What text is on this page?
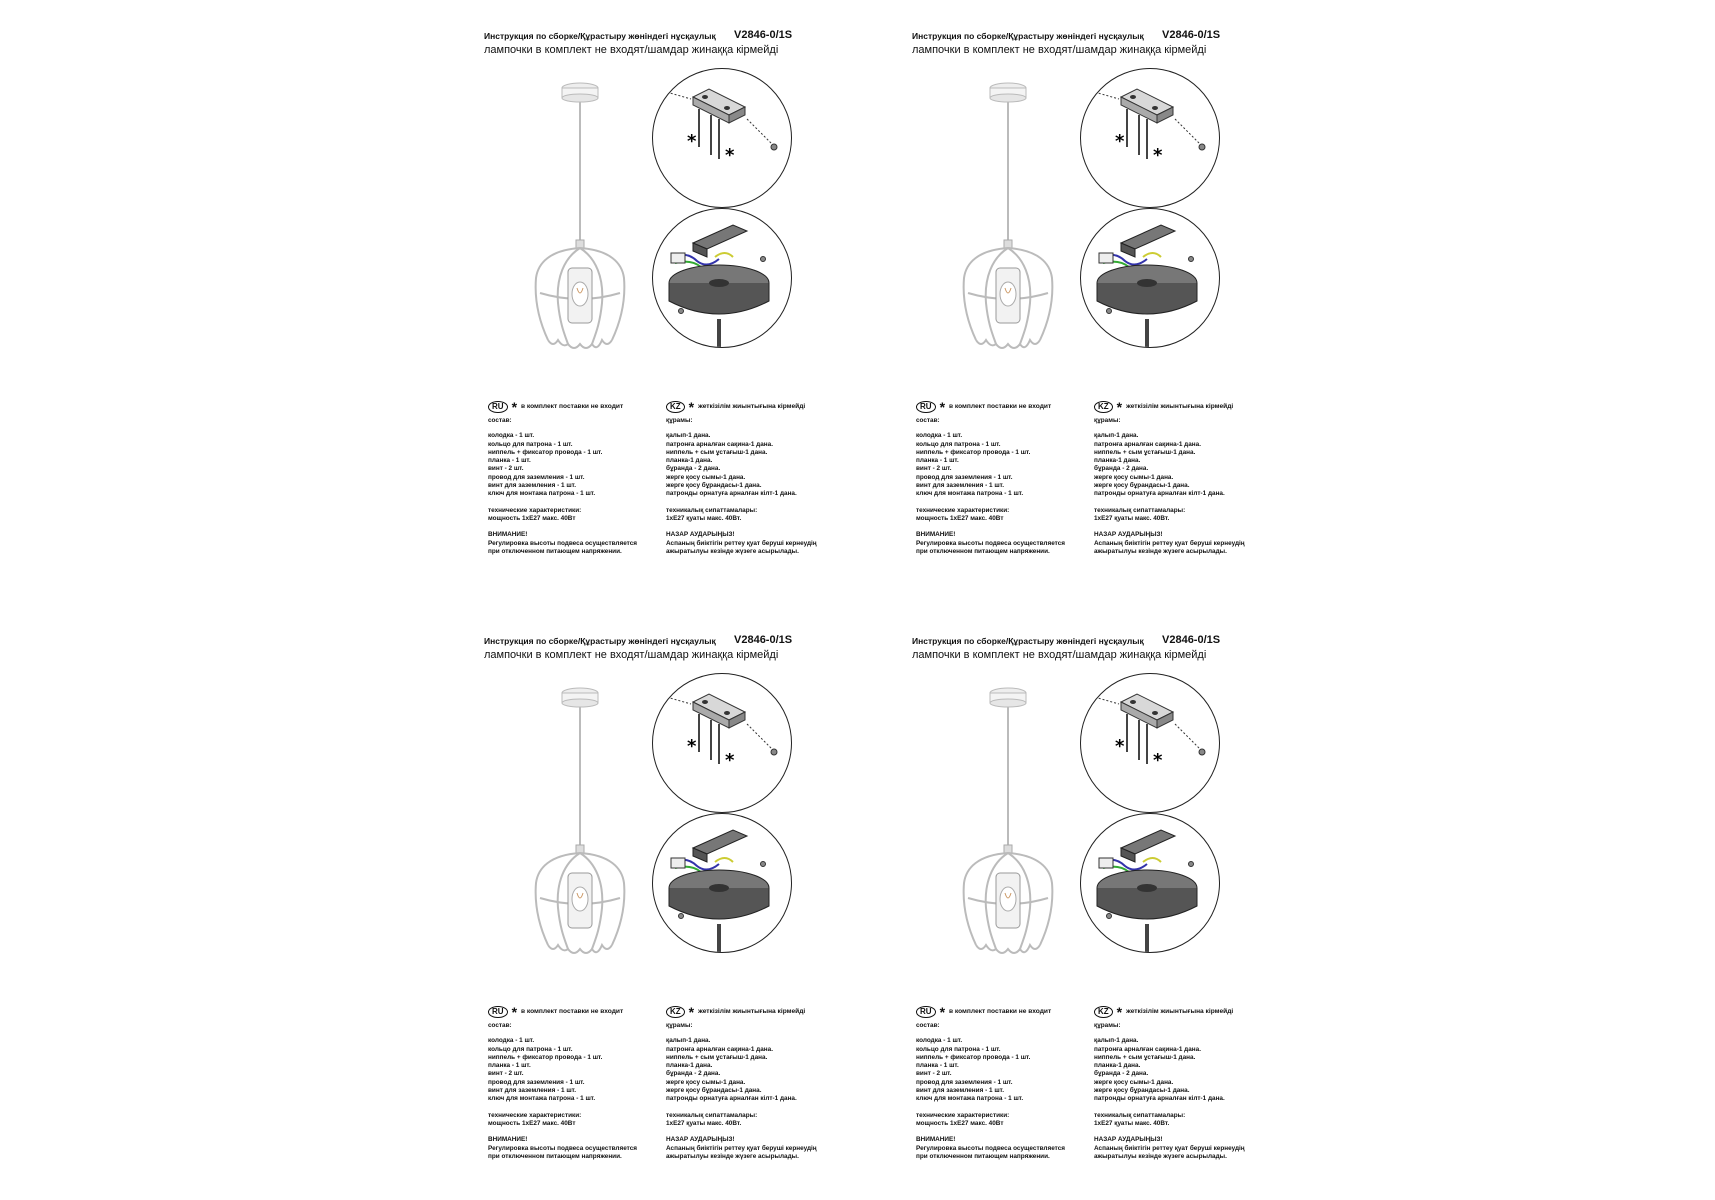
Инструкция по сборке/Құрастыру жөніндегі нұсқаулық V2846-0/1S
лампочки в комплект не входят/шамдар жинаққа кірмейді
*
*
RU * в комплект поставки не входит
состав:
колодка - 1 шт.
кольцо для патрона - 1 шт.
ниппель + фиксатор провода - 1 шт.
планка - 1 шт.
винт - 2 шт.
провод для заземления - 1 шт.
винт для заземления - 1 шт.
ключ для монтажа патрона - 1 шт.
технические характеристики:
мощность 1хE27 макс. 40Вт
ВНИМАНИЕ!
Регулировка высоты подвеса осуществляется
при отключенном питающем напряжении.
KZ * жеткізілім жиынтығына кірмейді
құрамы:
қалып-1 дана.
патронға арналған сақина-1 дана.
ниппель + сым ұстағыш-1 дана.
планка-1 дана.
бұранда - 2 дана.
жерге қосу сымы-1 дана.
жерге қосу бұрандасы-1 дана.
патронды орнатуға арналған кілт-1 дана.
техникалық сипаттамалары:
1хE27 қуаты макс. 40Вт.
НАЗАР АУДАРЫҢЫЗ!
Аспаның биіктігін реттеу қуат беруші кернеудің
ажыратылуы кезінде жүзеге асырылады.
Инструкция по сборке/Құрастыру жөніндегі нұсқаулық V2846-0/1S
лампочки в комплект не входят/шамдар жинаққа кірмейді
*
*
RU * в комплект поставки не входит
состав:
колодка - 1 шт.
кольцо для патрона - 1 шт.
ниппель + фиксатор провода - 1 шт.
планка - 1 шт.
винт - 2 шт.
провод для заземления - 1 шт.
винт для заземления - 1 шт.
ключ для монтажа патрона - 1 шт.
технические характеристики:
мощность 1хE27 макс. 40Вт
ВНИМАНИЕ!
Регулировка высоты подвеса осуществляется
при отключенном питающем напряжении.
KZ * жеткізілім жиынтығына кірмейді
құрамы:
қалып-1 дана.
патронға арналған сақина-1 дана.
ниппель + сым ұстағыш-1 дана.
планка-1 дана.
бұранда - 2 дана.
жерге қосу сымы-1 дана.
жерге қосу бұрандасы-1 дана.
патронды орнатуға арналған кілт-1 дана.
техникалық сипаттамалары:
1хE27 қуаты макс. 40Вт.
НАЗАР АУДАРЫҢЫЗ!
Аспаның биіктігін реттеу қуат беруші кернеудің
ажыратылуы кезінде жүзеге асырылады.
Инструкция по сборке/Құрастыру жөніндегі нұсқаулық V2846-0/1S
лампочки в комплект не входят/шамдар жинаққа кірмейді
*
*
RU * в комплект поставки не входит
состав:
колодка - 1 шт.
кольцо для патрона - 1 шт.
ниппель + фиксатор провода - 1 шт.
планка - 1 шт.
винт - 2 шт.
провод для заземления - 1 шт.
винт для заземления - 1 шт.
ключ для монтажа патрона - 1 шт.
технические характеристики:
мощность 1хE27 макс. 40Вт
ВНИМАНИЕ!
Регулировка высоты подвеса осуществляется
при отключенном питающем напряжении.
KZ * жеткізілім жиынтығына кірмейді
құрамы:
қалып-1 дана.
патронға арналған сақина-1 дана.
ниппель + сым ұстағыш-1 дана.
планка-1 дана.
бұранда - 2 дана.
жерге қосу сымы-1 дана.
жерге қосу бұрандасы-1 дана.
патронды орнатуға арналған кілт-1 дана.
техникалық сипаттамалары:
1хE27 қуаты макс. 40Вт.
НАЗАР АУДАРЫҢЫЗ!
Аспаның биіктігін реттеу қуат беруші кернеудің
ажыратылуы кезінде жүзеге асырылады.
Инструкция по сборке/Құрастыру жөніндегі нұсқаулық V2846-0/1S
лампочки в комплект не входят/шамдар жинаққа кірмейді
*
*
RU * в комплект поставки не входит
состав:
колодка - 1 шт.
кольцо для патрона - 1 шт.
ниппель + фиксатор провода - 1 шт.
планка - 1 шт.
винт - 2 шт.
провод для заземления - 1 шт.
винт для заземления - 1 шт.
ключ для монтажа патрона - 1 шт.
технические характеристики:
мощность 1хE27 макс. 40Вт
ВНИМАНИЕ!
Регулировка высоты подвеса осуществляется
при отключенном питающем напряжении.
KZ * жеткізілім жиынтығына кірмейді
құрамы:
қалып-1 дана.
патронға арналған сақина-1 дана.
ниппель + сым ұстағыш-1 дана.
планка-1 дана.
бұранда - 2 дана.
жерге қосу сымы-1 дана.
жерге қосу бұрандасы-1 дана.
патронды орнатуға арналған кілт-1 дана.
техникалық сипаттамалары:
1хE27 қуаты макс. 40Вт.
НАЗАР АУДАРЫҢЫЗ!
Аспаның биіктігін реттеу қуат беруші кернеудің
ажыратылуы кезінде жүзеге асырылады.
